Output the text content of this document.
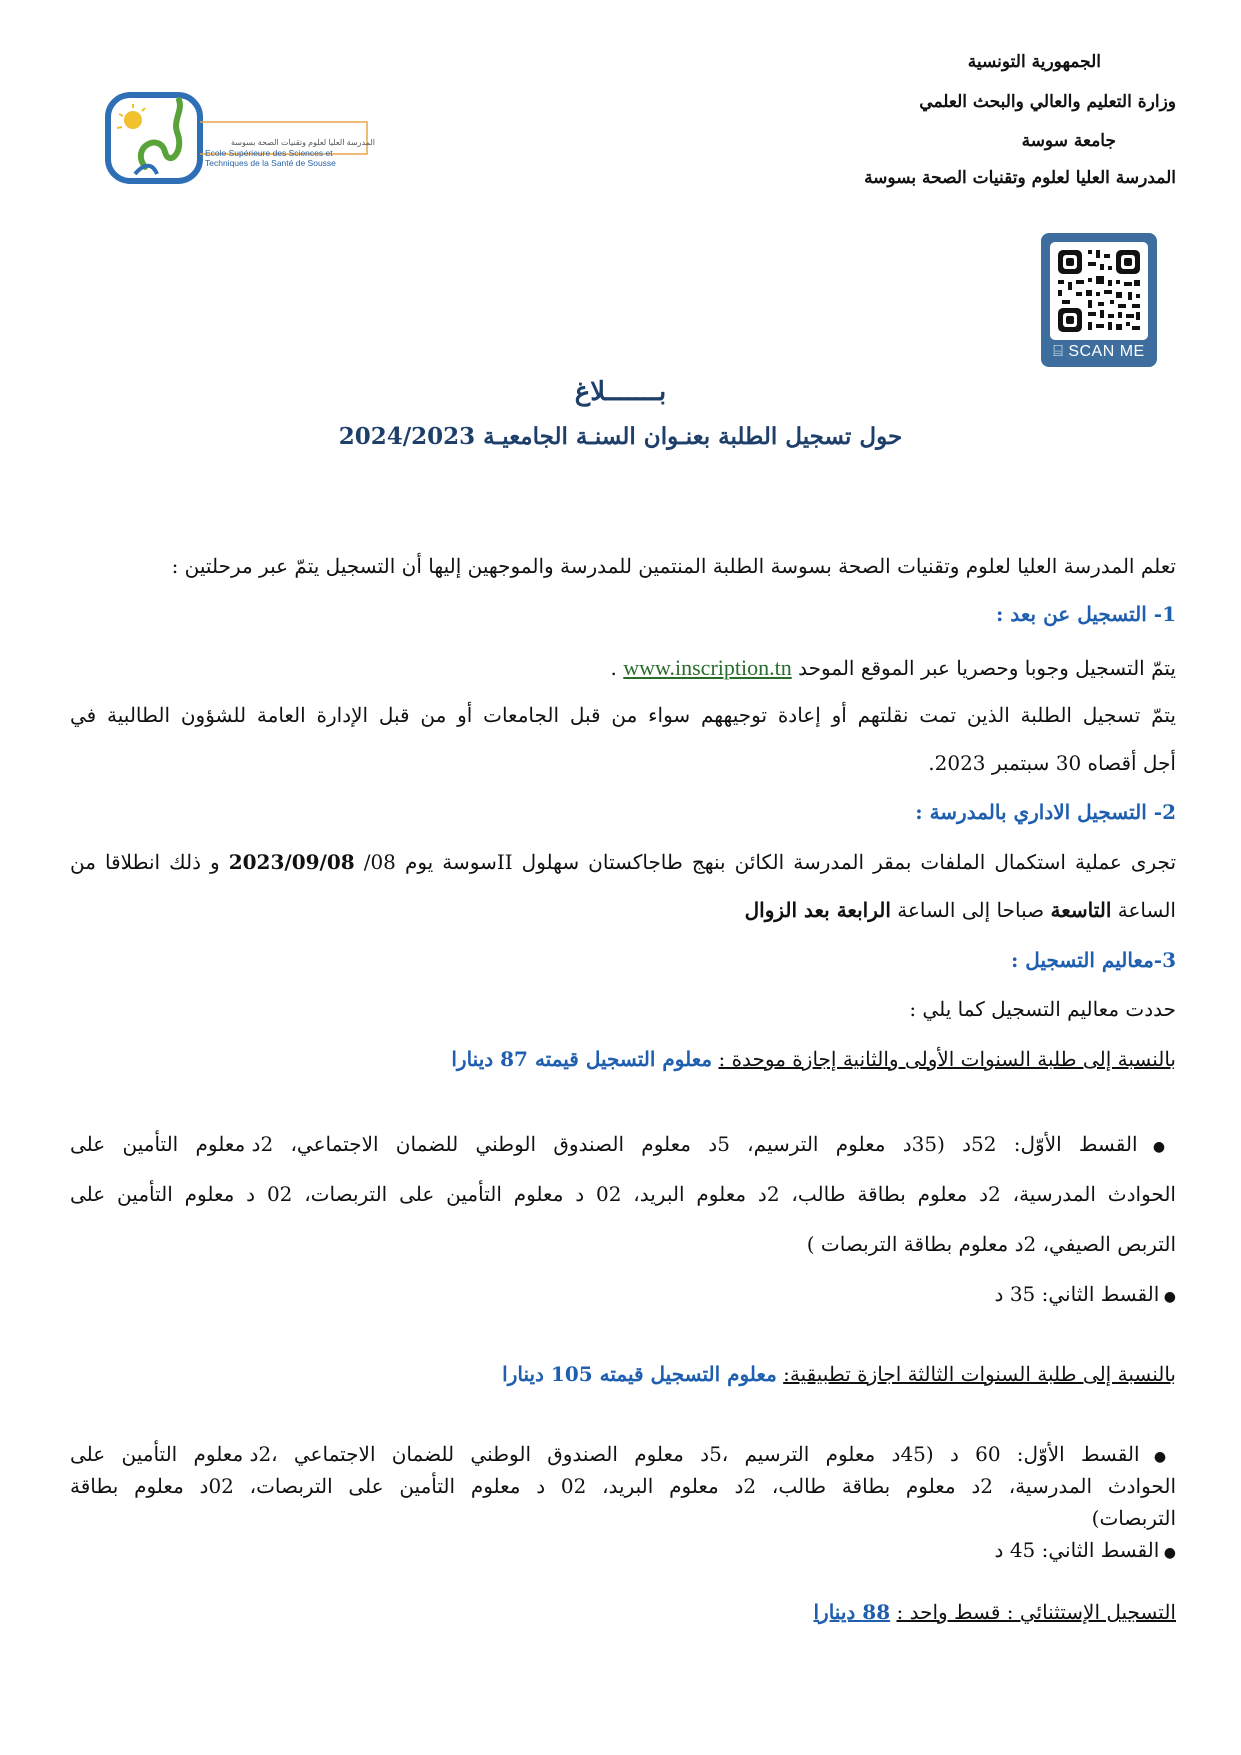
الجمهورية التونسية
وزارة التعليم والعالي والبحث العلمي
جامعة سوسة
المدرسة العليا لعلوم وتقنيات الصحة بسوسة
المدرسة العليا لعلوم وتقنيات الصحة بسوسة
Ecole Supérieure des Sciences et
Techniques de la Santé de Sousse
⌸ SCAN ME
بـــــــلاغ
حول تسجيل الطلبة بعنـوان السنـة الجامعيـة 2024/2023
تعلم المدرسة العليا لعلوم وتقنيات الصحة بسوسة الطلبة المنتمين للمدرسة والموجهين إليها أن التسجيل يتمّ عبر مرحلتين :
1- التسجيل عن بعد :
يتمّ التسجيل وجوبا وحصريا عبر الموقع الموحد www.inscription.tn .
يتمّ تسجيل الطلبة الذين تمت نقلتهم أو إعادة توجيههم سواء من قبل الجامعات أو من قبل الإدارة العامة للشؤون الطالبية في
أجل أقصاه 30 سبتمبر 2023.
2- التسجيل الاداري بالمدرسة :
تجرى عملية استكمال الملفات بمقر المدرسة الكائن بنهج طاجاكستان سهلول IIسوسة يوم 08/ 2023/09/08 و ذلك انطلاقا من
الساعة التاسعة صباحا إلى الساعة الرابعة بعد الزوال
3-معاليم التسجيل :
حددت معاليم التسجيل كما يلي :
بالنسبة إلى طلبة السنوات الأولى والثانية إجازة موحدة : معلوم التسجيل قيمته 87 دينارا
● القسط الأوّل: 52د (35د معلوم الترسيم، 5د معلوم الصندوق الوطني للضمان الاجتماعي، 2د معلوم التأمين على
الحوادث المدرسية، 2د معلوم بطاقة طالب، 2د معلوم البريد، 02 د معلوم التأمين على التربصات، 02 د معلوم التأمين على
التربص الصيفي، 2د معلوم بطاقة التربصات )
● القسط الثاني: 35 د
بالنسبة إلى طلبة السنوات الثالثة اجازة تطبيقية: معلوم التسجيل قيمته 105 دينارا
● القسط الأوّل: 60 د (45د معلوم الترسيم ،5د معلوم الصندوق الوطني للضمان الاجتماعي ،2د معلوم التأمين على
الحوادث المدرسية، 2د معلوم بطاقة طالب، 2د معلوم البريد، 02 د معلوم التأمين على التربصات، 02د معلوم بطاقة
التربصات)
● القسط الثاني: 45 د
التسجيل الإستثنائي : قسط واحد : 88 دينارا
